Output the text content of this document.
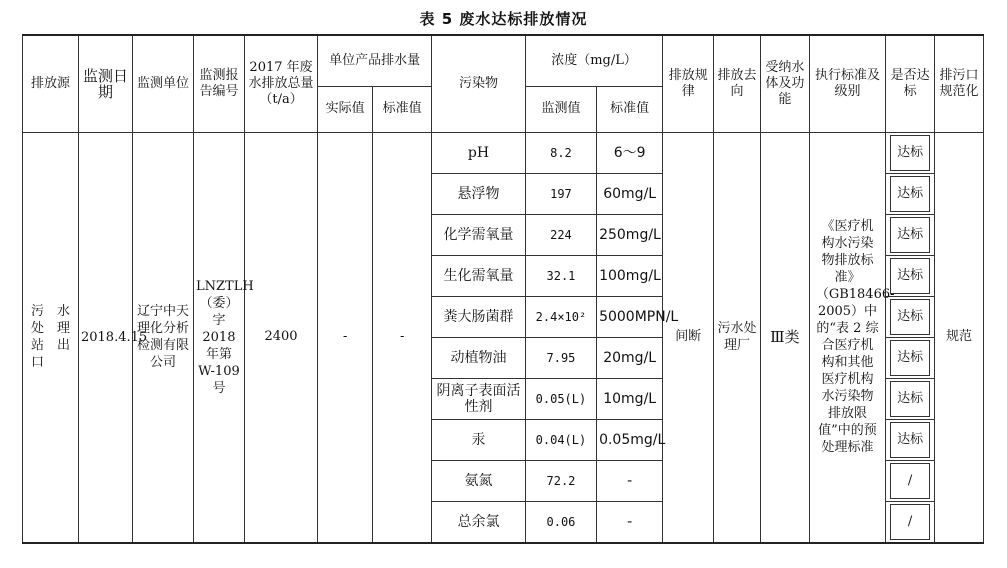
表 5 废水达标排放情况
排放源	监测日期	监测单位	监测报告编号	2017 年废水排放总量（t/a）	单位产品排水量		污染物	浓度（mg/L）		排放规律	排放去向	受纳水体及功能	执行标准及级别	是否达标	排污口规范化
					实际值	标准值		监测值	标准值						
污 水 处 理 站 出 口	2018.4.15	辽宁中天理化分析检测有限公司	LNZTLH（委）字 2018 年第 W-109 号	2400	-	-	pH	8.2	6～9	间断	污水处理厂	Ⅲ类	《医疗机构水污染物排放标准》（GB18466-2005）中的“表 2 综合医疗机构和其他医疗机构水污染物排放限值”中的预处理标准	达标	规范
							悬浮物	197	60mg/L					达标	

							化学需氧量	224	250mg/L					达标	

							生化需氧量	32.1	100mg/L					达标	

							粪大肠菌群	2.4×10²	5000MPN/L					达标	

							动植物油	7.95	20mg/L					达标	

							阴离子表面活性剂	0.05(L)	10mg/L					达标	

							汞	0.04(L)	0.05mg/L					达标	

							氨氮	72.2	-					/	

							总余氯	0.06	-					/	
